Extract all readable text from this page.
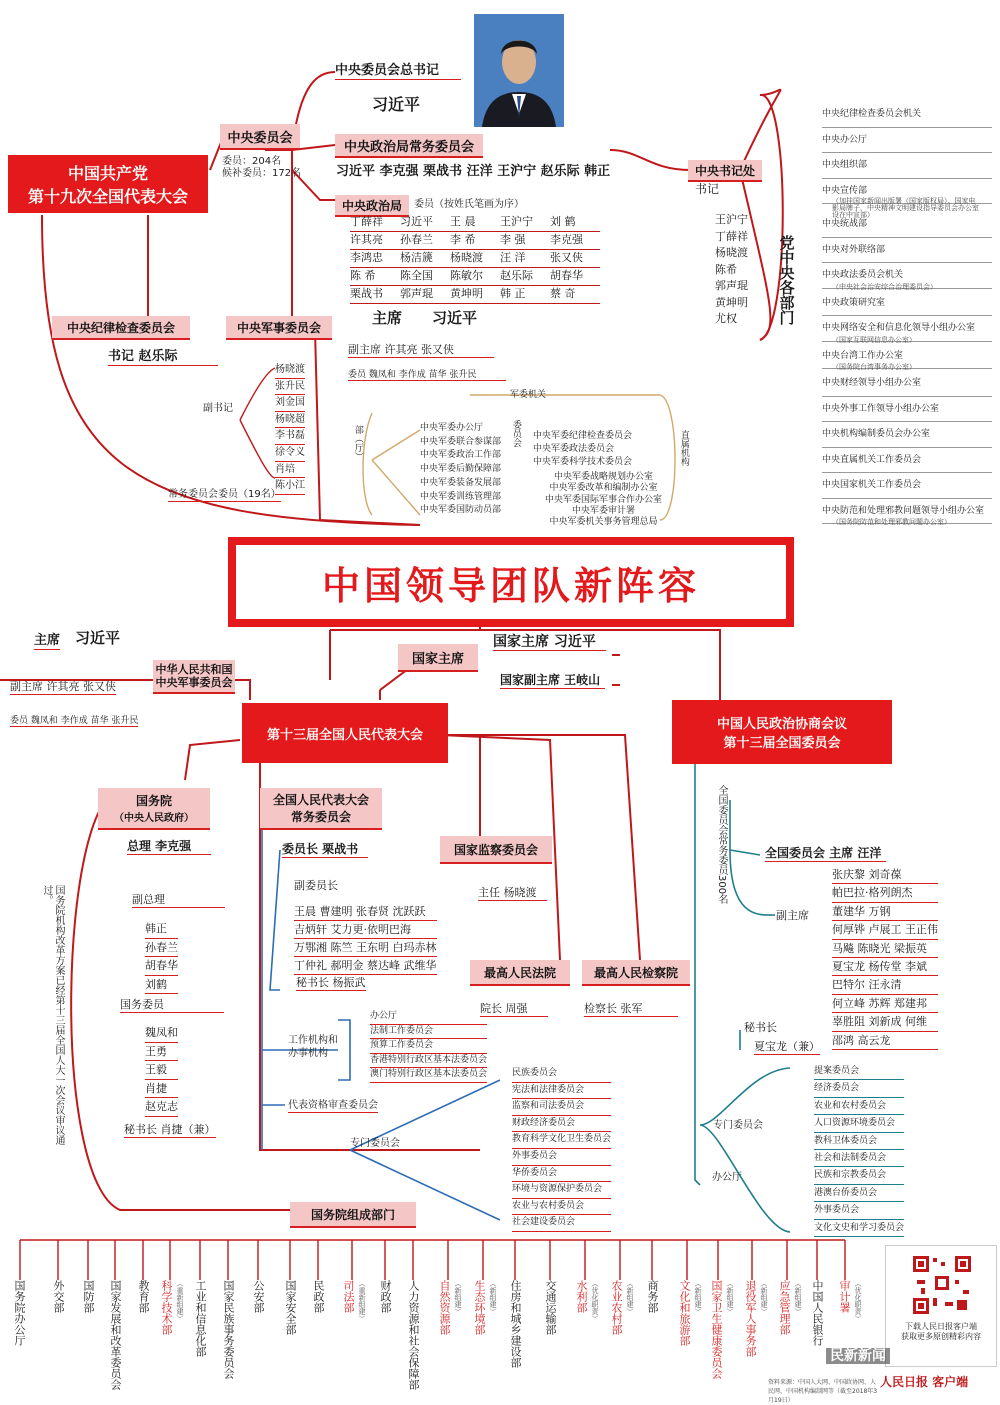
中国共产党
第十九次全国代表大会
中央委员会
委员：204名
候补委员：172名
中央委员会总书记
习近平
中央政治局常务委员会
习近平 李克强 栗战书 汪洋 王沪宁 赵乐际 韩正
中央政治局	委员（按姓氏笔画为序）
丁薛祥 习近平 王 晨 王沪宁 刘 鹤
许其亮 孙春兰 李 希 李 强 李克强
李鸿忠 杨洁篪 杨晓渡 汪 洋 张又侠
陈 希 陈全国 陈敏尔 赵乐际 胡春华
栗战书 郭声琨 黄坤明 韩 正 蔡 奇
中央书记处
书记
王沪宁
丁薛祥
杨晓渡
陈希
郭声琨
黄坤明
尤权	党中央各部门
中央纪律检查委员会机关
中央办公厅
中央组织部
中央宣传部
（加挂国家新闻出版署（国家版权局）、国家电影局牌子，中央精神文明建设指导委员会办公室设在中宣部）
中央统战部
中央对外联络部
中央政法委员会机关
（中央社会治安综合治理委员会）
中央政策研究室
中央网络安全和信息化领导小组办公室
（国家互联网信息办公室）
中央台湾工作办公室
（国务院台湾事务办公室）
中央财经领导小组办公室
中央外事工作领导小组办公室
中央机构编制委员会办公室
中央直属机关工作委员会
中央国家机关工作委员会
中央防范和处理邪教问题领导小组办公室
（国务院防范和处理邪教问题办公室）
中央纪律检查委员会
书记 赵乐际
副书记
杨晓渡
张升民
刘金国
杨晓超
李书磊
徐令义
肖培
陈小江
常务委员会委员（19名）
中央军事委员会
主席 习近平
副主席 许其亮 张又侠
委员 魏凤和 李作成 苗华 张升民
军委机关
部（厅）	中央军委办公厅
中央军委联合参谋部
中央军委政治工作部
中央军委后勤保障部
中央军委装备发展部
中央军委训练管理部
中央军委国防动员部
委员会 中央军委纪律检查委员会
中央军委政法委员会
中央军委科学技术委员会	直属机构
中央军委战略规划办公室
中央军委改革和编制办公室
中央军委国际军事合作办公室
中央军委审计署
中央军委机关事务管理总局
中国领导团队新阵容
国家主席
国家主席 习近平
国家副主席 王岐山
中华人民共和国
中央军事委员会
主席 习近平
副主席 许其亮 张又侠
委员 魏凤和 李作成 苗华 张升民
第十三届全国人民代表大会
中国人民政治协商会议
第十三届全国委员会
国务院
（中央人民政府）
总理 李克强
副总理
韩正
孙春兰
胡春华
刘鹤
国务委员
魏凤和
王勇
王毅
肖捷
赵克志
秘书长 肖捷（兼）
国务院机构改革方案已经第十三届全国人大一次会议审议通过。
全国人民代表大会
常务委员会
委员长 栗战书
副委员长
王晨 曹建明 张春贤 沈跃跃
吉炳轩 艾力更·依明巴海
万鄂湘 陈竺 王东明 白玛赤林
丁仲礼 郝明金 蔡达峰 武维华
秘书长 杨振武
工作机构和
办事机构
办公厅
法制工作委员会
预算工作委员会
香港特别行政区基本法委员会
澳门特别行政区基本法委员会
代表资格审查委员会
专门委员会
民族委员会
宪法和法律委员会
监察和司法委员会
财政经济委员会
教育科学文化卫生委员会
外事委员会
华侨委员会
环境与资源保护委员会
农业与农村委员会
社会建设委员会
国家监察委员会
主任 杨晓渡
最高人民法院
院长 周强
最高人民检察院
检察长 张军
全国委员会常务委员300名	全国委员会 主席 汪洋
副主席
张庆黎 刘奇葆
帕巴拉·格列朗杰
董建华 万钢
何厚铧 卢展工 王正伟
马飚 陈晓光 梁振英
夏宝龙 杨传堂 李斌
巴特尔 汪永清
何立峰 苏辉 郑建邦
辜胜阻 刘新成 何维
邵鸿 高云龙
秘书长
夏宝龙（兼）
专门委员会
提案委员会
经济委员会
农业和农村委员会
人口资源环境委员会
教科卫体委员会
社会和法制委员会
民族和宗教委员会
港澳台侨委员会
外事委员会
文化文史和学习委员会
办公厅
国务院组成部门
国务院办公厅 外交部 国防部 国家发展和改革委员会 教育部 科学技术部 （重新组建） 工业和信息化部 国家民族事务委员会 公安部 国家安全部 民政部 司法部 （重新组建） 财政部 人力资源和社会保障部 自然资源部 （新组建） 生态环境部 （新组建） 住房和城乡建设部 交通运输部 水利部 （优化职责） 农业农村部 （新组建） 商务部 文化和旅游部 （新组建） 国家卫生健康委员会 （新组建） 退役军人事务部 （新组建） 应急管理部 （新组建） 中国人民银行 审计署 （优化职责）
下载人民日报客户端
获取更多原创精彩内容
资料来源：中国人大网、中国政协网、人民网、中国机构编制网等（截至2018年3月19日）
人民日报 客户端
民新新闻
